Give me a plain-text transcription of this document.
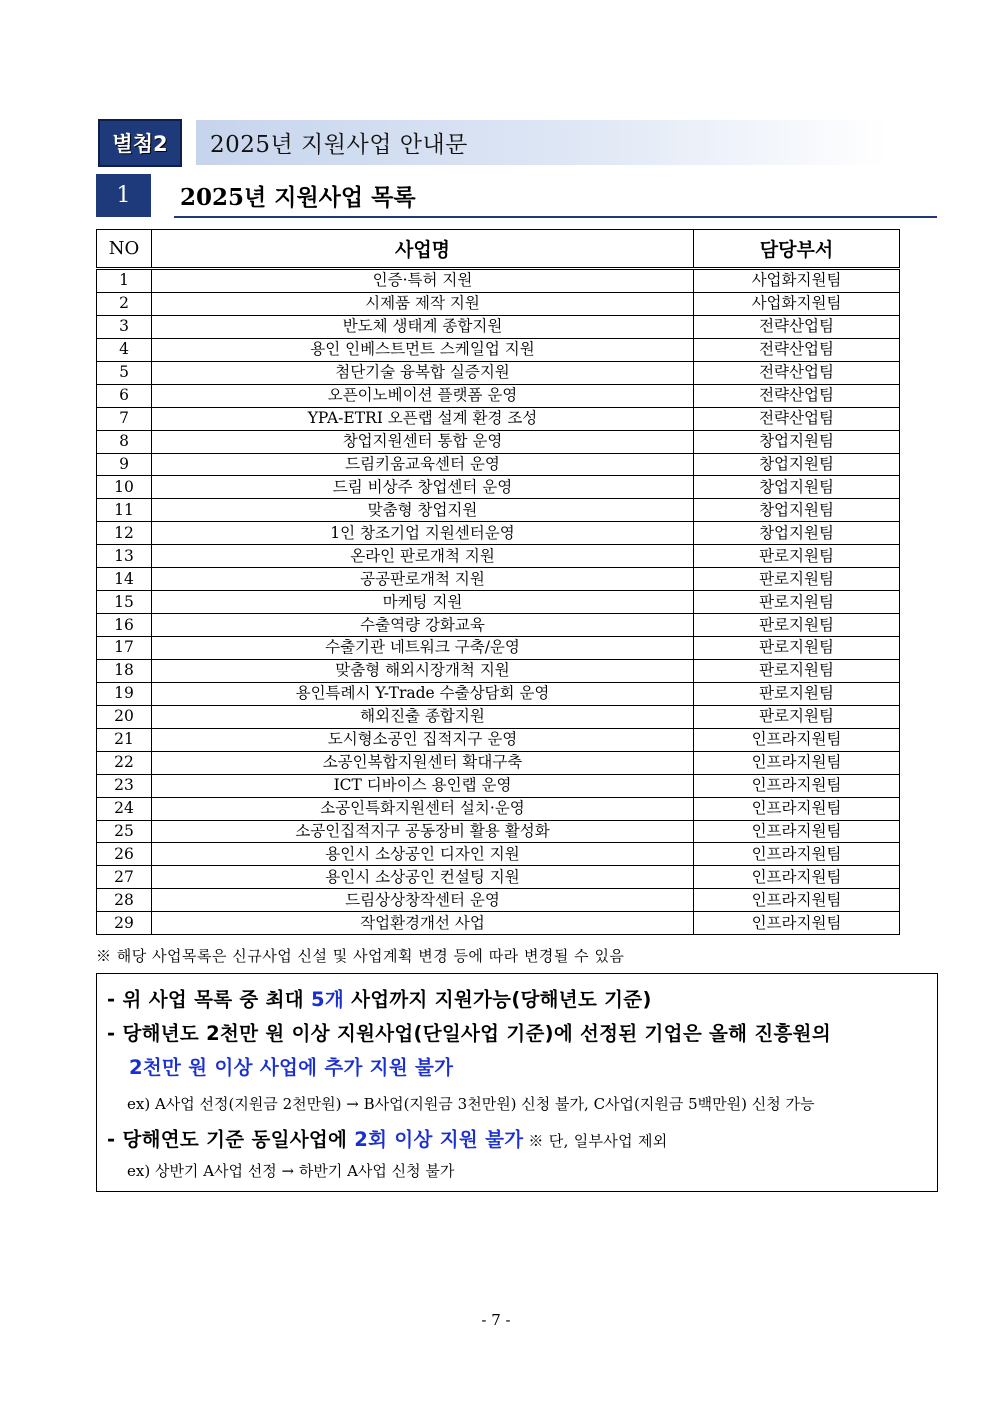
별첨2	2025년 지원사업 안내문
1	2025년 지원사업 목록
NO	사업명	담당부서
1	인증·특허 지원	사업화지원팀
2	시제품 제작 지원	사업화지원팀
3	반도체 생태계 종합지원	전략산업팀
4	용인 인베스트먼트 스케일업 지원	전략산업팀
5	첨단기술 융복합 실증지원	전략산업팀
6	오픈이노베이션 플랫폼 운영	전략산업팀
7	YPA-ETRI 오픈랩 설계 환경 조성	전략산업팀
8	창업지원센터 통합 운영	창업지원팀
9	드림키움교육센터 운영	창업지원팀
10	드림 비상주 창업센터 운영	창업지원팀
11	맞춤형 창업지원	창업지원팀
12	1인 창조기업 지원센터운영	창업지원팀
13	온라인 판로개척 지원	판로지원팀
14	공공판로개척 지원	판로지원팀
15	마케팅 지원	판로지원팀
16	수출역량 강화교육	판로지원팀
17	수출기관 네트워크 구축/운영	판로지원팀
18	맞춤형 해외시장개척 지원	판로지원팀
19	용인특례시 Y-Trade 수출상담회 운영	판로지원팀
20	해외진출 종합지원	판로지원팀
21	도시형소공인 집적지구 운영	인프라지원팀
22	소공인복합지원센터 확대구축	인프라지원팀
23	ICT 디바이스 용인랩 운영	인프라지원팀
24	소공인특화지원센터 설치·운영	인프라지원팀
25	소공인집적지구 공동장비 활용 활성화	인프라지원팀
26	용인시 소상공인 디자인 지원	인프라지원팀
27	용인시 소상공인 컨설팅 지원	인프라지원팀
28	드림상상창작센터 운영	인프라지원팀
29	작업환경개선 사업	인프라지원팀
※ 해당 사업목록은 신규사업 신설 및 사업계획 변경 등에 따라 변경될 수 있음
- 위 사업 목록 중 최대 5개 사업까지 지원가능(당해년도 기준)
- 당해년도 2천만 원 이상 지원사업(단일사업 기준)에 선정된 기업은 올해 진흥원의
2천만 원 이상 사업에 추가 지원 불가
ex) A사업 선정(지원금 2천만원) → B사업(지원금 3천만원) 신청 불가, C사업(지원금 5백만원) 신청 가능
- 당해연도 기준 동일사업에 2회 이상 지원 불가 ※ 단, 일부사업 제외
ex) 상반기 A사업 선정 → 하반기 A사업 신청 불가
- 7 -
